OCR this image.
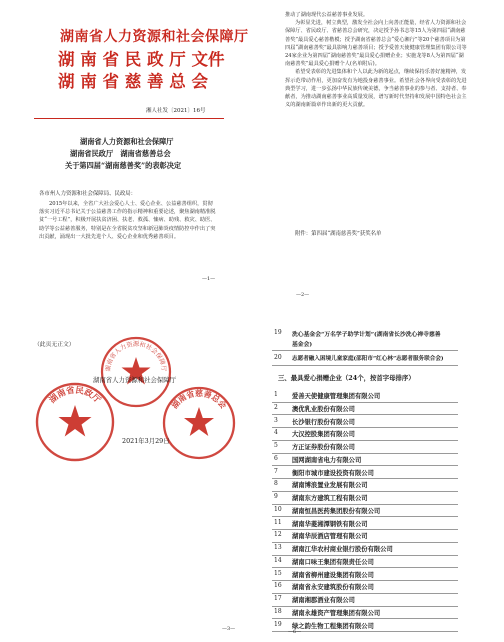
湖南省人力资源和社会保障厅
湖 南 省 民 政 厅 文件
湖 南 省 慈 善 总 会
湘人社发〔2021〕16号
湖南省人力资源和社会保障厅
湖南省民政厅　湖南省慈善总会
关于第四届“湖南慈善奖”的表彰决定
各市州人力资源和社会保障局、民政局：

2015年以来，全省广大社会爱心人士、爱心企业、公益慈善组织，贯彻落实习近平总书记关于公益慈善工作的指示精神和重要论述，聚焦湖南精准脱贫“一号工程”，积极开展扶贫济困、扶老、救孤、恤病、助残、救灾、助医、助学等公益慈善服务，特别是在全省脱贫攻坚和新冠肺炎疫情防控中作出了突出贡献，涌现出一大批先进个人、爱心企业和优秀慈善项目。

—1—

推动了湖南现代公益慈善事业发展。

为彰显先进，树立典型，激发全社会向上向善正能量，经省人力资源和社会保障厅、省民政厅、省慈善总会研究，决定授予孙书志等15人为第四届“湖南慈善奖”最具爱心慈善楷模；授予湖南省慈善总会“爱心湘行”等20个慈善项目为第四届“湖南慈善奖”最具影响力慈善项目；授予爱善天使健康管理集团有限公司等24家企业为第四届“湖南慈善奖”最具爱心捐赠企业；实施龙等8人为第四届“湖南慈善奖”最具爱心捐赠个人(名单附后)。

希望受表彰的先进集体和个人以此为新的起点，继续保持乐善好施精神，发挥示范带动作用，更加奋发有为地投身慈善事业。希望社会各界向受表彰的先进典型学习，进一步弘扬中华民族传统美德，争当慈善事业的参与者、支持者、奉献者，为推动湖南慈善事业高质量发展，谱写新时代坚持和发展中国特色社会主义的湖南新篇章作出新的更大贡献。

附件：第四届“湖南慈善奖”获奖名单
—2—
（此页无正文）
湖南省人力资源和社会保障厅
湖南省人力资源和社会保障厅
湖南省民政厅	湖南省慈善总会
2021年3月29日
—3—
19 洗心基金会“万名学子助学计划”(湖南省长沙洗心禅寺慈善
基金会)
20 志愿者融入困境儿童家庭(邵阳市“红心林”志愿者服务联合会)
三、最具爱心捐赠企业（24个，按首字母排序）
1 爱善天使健康管理集团有限公司
2 澳优乳业股份有限公司
3 长沙银行股份有限公司
4 大汉控股集团有限公司
5 方正证券股份有限公司
6 国网湖南省电力有限公司
7 衡阳市城市建设投资有限公司
8 湖南博浪置业发展有限公司
9 湖南东方建筑工程有限公司
10 湖南恒昌医药集团股份有限公司
11 湖南华菱湘潭钢铁有限公司
12 湖南华辰酒店管理有限公司
13 湖南江华农村商业银行股份有限公司
14 湖南口味王集团有限责任公司
15 湖南省柳州建设集团有限公司
16 湖南省永安建筑股份有限公司
17 湖南湘郡酒业有限公司
18 湖南永雄资产管理集团有限公司
19 绿之韵生物工程集团有限公司
—6—
